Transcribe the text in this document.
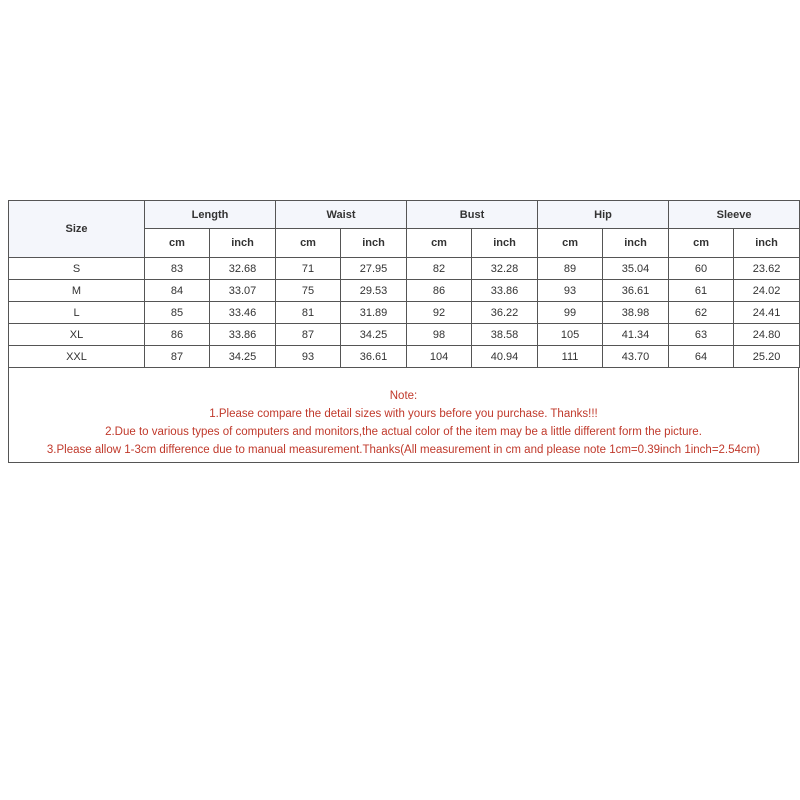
Size	Length		Waist		Bust		Hip		Sleeve	
	cm	inch	cm	inch	cm	inch	cm	inch	cm	inch
S	83	32.68	71	27.95	82	32.28	89	35.04	60	23.62
M	84	33.07	75	29.53	86	33.86	93	36.61	61	24.02
L	85	33.46	81	31.89	92	36.22	99	38.98	62	24.41
XL	86	33.86	87	34.25	98	38.58	105	41.34	63	24.80
XXL	87	34.25	93	36.61	104	40.94	111	43.70	64	25.20
Note:
1.Please compare the detail sizes with yours before you purchase. Thanks!!!
2.Due to various types of computers and monitors,the actual color of the item may be a little different form the picture.
3.Please allow 1-3cm difference due to manual measurement.Thanks(All measurement in cm and please note 1cm=0.39inch 1inch=2.54cm)
